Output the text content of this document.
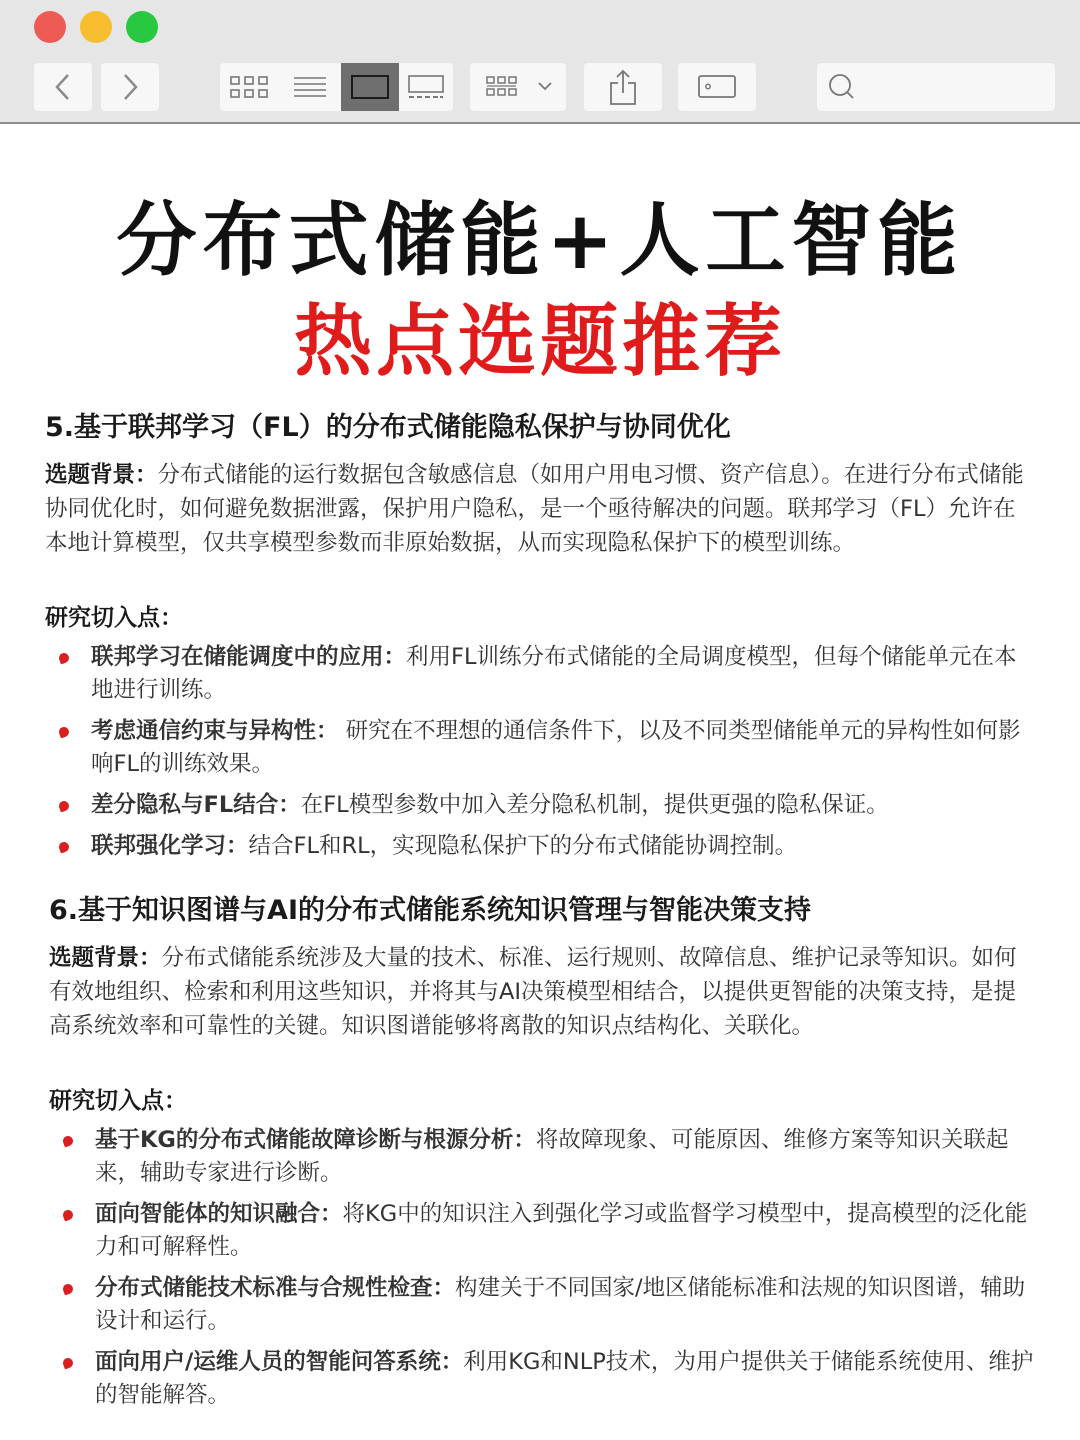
分布式储能+人工智能
热点选题推荐
5.基于联邦学习（FL）的分布式储能隐私保护与协同优化

选题背景：分布式储能的运行数据包含敏感信息（如用户用电习惯、资产信息）。在进行分布式储能协同优化时，如何避免数据泄露，保护用户隐私，是一个亟待解决的问题。联邦学习（FL）允许在本地计算模型，仅共享模型参数而非原始数据，从而实现隐私保护下的模型训练。

研究切入点：

联邦学习在储能调度中的应用：利用FL训练分布式储能的全局调度模型，但每个储能单元在本地进行训练。
考虑通信约束与异构性： 研究在不理想的通信条件下，以及不同类型储能单元的异构性如何影响FL的训练效果。
差分隐私与FL结合：在FL模型参数中加入差分隐私机制，提供更强的隐私保证。
联邦强化学习：结合FL和RL，实现隐私保护下的分布式储能协调控制。
6.基于知识图谱与AI的分布式储能系统知识管理与智能决策支持

选题背景：分布式储能系统涉及大量的技术、标准、运行规则、故障信息、维护记录等知识。如何有效地组织、检索和利用这些知识，并将其与AI决策模型相结合，以提供更智能的决策支持，是提高系统效率和可靠性的关键。知识图谱能够将离散的知识点结构化、关联化。

研究切入点：

基于KG的分布式储能故障诊断与根源分析：将故障现象、可能原因、维修方案等知识关联起来，辅助专家进行诊断。
面向智能体的知识融合：将KG中的知识注入到强化学习或监督学习模型中，提高模型的泛化能力和可解释性。
分布式储能技术标准与合规性检查：构建关于不同国家/地区储能标准和法规的知识图谱，辅助设计和运行。
面向用户/运维人员的智能问答系统：利用KG和NLP技术，为用户提供关于储能系统使用、维护的智能解答。
